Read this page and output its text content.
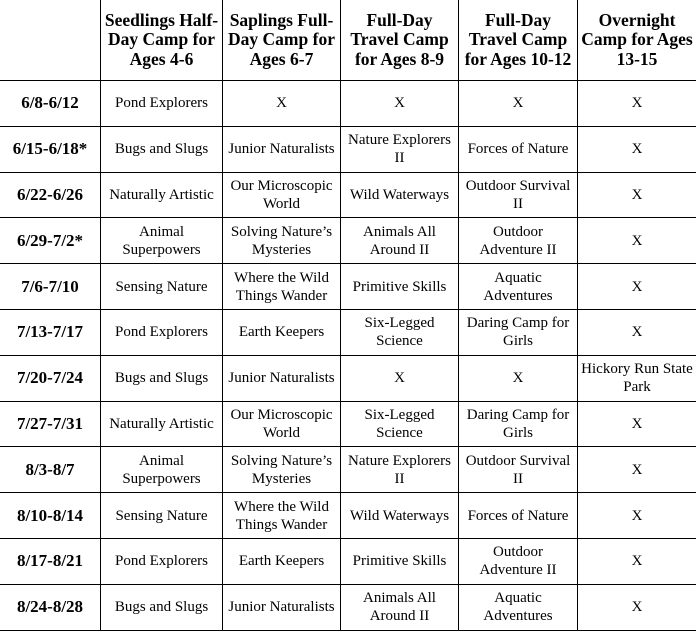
	Seedlings Half-Day Camp for Ages 4-6	Saplings Full-Day Camp for Ages 6-7	Full-Day Travel Camp for Ages 8-9	Full-Day Travel Camp for Ages 10-12	Overnight Camp for Ages 13-15
6/8-6/12	Pond Explorers	X	X	X	X
6/15-6/18*	Bugs and Slugs	Junior Naturalists	Nature Explorers II	Forces of Nature	X
6/22-6/26	Naturally Artistic	Our Microscopic World	Wild Waterways	Outdoor Survival II	X
6/29-7/2*	Animal Superpowers	Solving Nature’s Mysteries	Animals All Around II	Outdoor Adventure II	X
7/6-7/10	Sensing Nature	Where the Wild Things Wander	Primitive Skills	Aquatic Adventures	X
7/13-7/17	Pond Explorers	Earth Keepers	Six-Legged Science	Daring Camp for Girls	X
7/20-7/24	Bugs and Slugs	Junior Naturalists	X	X	Hickory Run State Park
7/27-7/31	Naturally Artistic	Our Microscopic World	Six-Legged Science	Daring Camp for Girls	X
8/3-8/7	Animal Superpowers	Solving Nature’s Mysteries	Nature Explorers II	Outdoor Survival II	X
8/10-8/14	Sensing Nature	Where the Wild Things Wander	Wild Waterways	Forces of Nature	X
8/17-8/21	Pond Explorers	Earth Keepers	Primitive Skills	Outdoor Adventure II	X
8/24-8/28	Bugs and Slugs	Junior Naturalists	Animals All Around II	Aquatic Adventures	X
